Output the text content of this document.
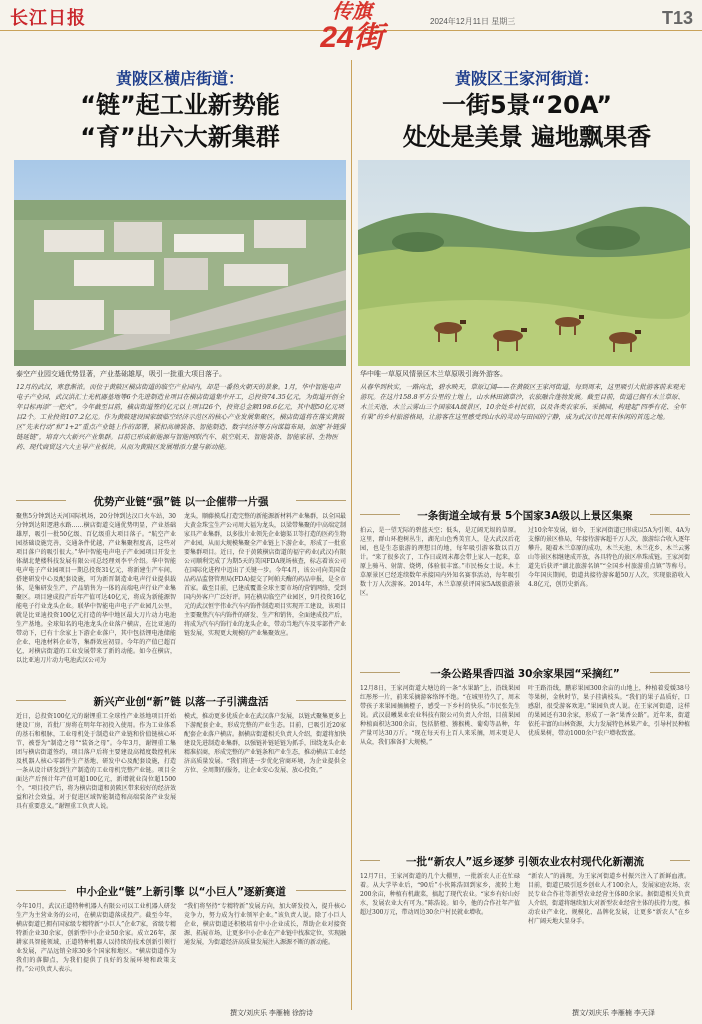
长江日报	2024年12月11日 星期三	T13
传旗
24街
黄陂区横店街道：
“链”起工业新势能
“育”出六大新集群
泰空产业园交通优势显著，产业基础雄厚，吸引一批重大项目落子。
12月的武汉，寒意渐浓。而位于黄陂区横店街道的临空产业园内，却是一番热火朝天的景象。1月，华中智能电声电子产业园，武汉洪汇士光机器基地等6个先进制造业项目在横店街道集中开工，总投资74.35亿元，为街道开创全年目标再添“一把火”。今年截至目前，横店街道签约亿元以上项目26个，投资总金额198.6亿元，其中超50亿元项目2个。工业投资107.2亿元。作为黄陂建设国家级临空经济示范区的核心产业发展集聚区，横店街道将在落实黄陂区“先来行动”和“1+2”重点产业链上作的部署，紧扣高端装备、智能制造、数字经济等方向谋篇布局，加速“补链强链延链”，培育六大新兴产业集群。目前已形成新能源与智能网联汽车、航空航天、智能装备、智能家居、生物医药、现代商贸这六大主导产业板块。从而为黄陂区发展增添力量与新动能。
优势产业链“强”链 以一企催带一片强
聚焦5分钟到达天河国际机场，20分钟到达汉口火车站，30分钟到达阳逻港水路……横店街道交通优势明显，产业基础雄厚，吸引一批50亿级、百亿级重大项目落子。“航空产业园基础设施完善，交通条件优越，产业集聚程度高，这些对项目落户的吸引很大。”华中智能电声电子产业园项目开发主体湖北楚楼科技发展有限公司总经理刘李平介绍。华中智能电声电子产业园项目一期总投资31亿元，将新建生产车间，搭建研发中心及配套设施，可为新晋制造业电声行业提供载体，是集研发生产、产品销售为一体的高端电声行业产业集聚区。项目建成投产后年产值可达40亿元，将成为新能源智能电子行业龙头企业。联华中智能电声电子产业园几公里，就是比亚迪投资100亿元打造的华中地区最大刀片动力电池生产基地。全球知名的电池龙头企业落户横店，在比亚迪的带动下，已有十余家上下游企业落户，其中包括锂电池储能企业、电池材料企业等，集群效应初显。今年的产值已超百亿，对横店街道的工业发展带来了新的动能。如今在横店，以比亚迪刀片动力电池武汉公司为
龙头，顺藤摸瓜打造完整的新能源新材料产业集群，以全国最大黄金珠宝生产公司周大福为龙头，以梁带集聚的中高端定制家具产业集群，以多肽片业领先企业德渠卫等打造的医药生物产业园，从而大规模集聚全产业链上下游企业，形成了一批重要集群项目。近日，位于黄陂横店街道的福宁药业(武汉)有限公司顺利完成了为期5天的美国FDA现场核查，标志着该公司在国际化进程中迈出了关键一步。今年4月，该公司向美国食品药品监督管理局(FDA)提交了阿帕夫酶的药品申报，是全市首家。截至目前，已建成覆盖全球主要市场的营销网络，受到国内外客户广泛好评。同在横店临空产业园区，9月投资16亿元的武汉恒宇伟业汽车内饰件制造项目实现开工建设，该项目主要聚焦汽车内饰件的研发、生产和销售，全面建成投产后，将成为汽车内饰行业的龙头企业，带动当地汽车及零部件产业链发展，实现更大规模的产业集聚效应。
新兴产业创“新”链 以落一子引满盘活
近日，总投资100亿元的谢锂重工全球性产业基地项目开始建设厂房，首批厂房将在明年年初投入使用。作为工业体系的基石和根脉，工业母机处于制造业产业链和价值链核心环节，被誉为“制造之母”“装备之母”。今年3月，谢锂重工集团与横店街道签约，项目落户后将主要建设高精度数控机床及机器人核心零部件生产基地、研发中心及配套设施，打造一条从设计研发到生产制造的工业母机完整产业链。项目全面达产后预计年产值可超100亿元，新增就业岗位超1500个。“项目投产后，将为横店街道和黄陂区带来较好的经济效益和社会效益，对于促进区域智能制造和高端装备产业发展具有重要意义。”谢锂重工负责人说。
模式，推动更多优质企业在武汉落户发展，以链式聚集更多上下游配套企业，形成完整的产业生态。目前，已吸引近20家配套企业落户横店。据横店街道相关负责人介绍，街道将加快建设先进制造业集群，以强链补链延链为抓手，围绕龙头企业精准招商，形成完整的产业链条和产业生态，推动横店工业经济高质量发展。“我们将进一步优化营商环境，为企业提供全方位、全周期的服务，让企业安心发展、放心投资。”
中小企业“链”上新引擎 以“小巨人”逐新赛道
今年10月，武汉正道特种机器人有限公司以工业机器人研发生产为主营业务的公司，在横店街道落成投产。截至今年，横店街道已拥有国家级专精特新“小巨人”企业7家，省级专精特新企业30余家，创新型中小企业50余家。成立26年，深耕家具智能领域，正道特种机器人以持续的技术创新引领行业发展，产品远销全球30多个国家和地区。“横店街道作为我们的落脚点，为我们提供了良好的发展环境和政策支持。”公司负责人表示。
“我们将坚持“专精特新”发展方向，加大研发投入，提升核心竞争力，努力成为行业领军企业。”该负责人说。除了小巨人企业，横店街道还积极培育中小企业成长，帮助企业对接资源、拓展市场，让更多中小企业在产业链中找准定位，实现融通发展，为街道经济高质量发展注入源源不断的新动能。
撰文/刘庆乐 李雁楠 徐韵诗
黄陂区王家河街道：
一街5景“20A”
处处是美景 遍地飘果香
华中唯一草原风情景区木兰草原吸引海外游客。
从春华到秋实，一路向北，碧水映天，草原辽阔——在黄陂区王家河街道，每到周末，这里吸引大批游客前来观光游玩。在这片158.8平方公里的土地上，山水林田湖草沙，农旅融合蓬勃发展。截至目前，街道已拥有木兰草原、木兰天池、木兰云雾山三个国家4A级景区，10余处乡村民宿，以及各类农家乐、采摘园，构建起“四季有花、全年有果”的乡村旅游格局，让游客在这里感受到山水的灵动与田园的宁静，成为武汉市民周末休闲的首选之地。
一条街道全域有景 5个国家3A级以上景区集聚
拍云，是一望无际的碧蓝天空；低头，是辽阔无垠的草原。这里，群山环抱树丛生，湖光山色秀美宜人，是大武汉后花园，也是生态旅游的理想目的地，每年吸引游客数以百万计。“来了很多次了，工作日或周末都会带上家人一起来，草原上骑马、射箭、烧烤，体验很丰富。”市民杨女士说。本土草原景区已经连续数年承接国内外知名赛事活动，每年吸引数十万人次游客。2014年，木兰草原获评国家5A级旅游景区。
过10余年发展，如今，王家河街道已形成以5A为引领、4A为支撑的景区格局，年接待游客超千万人次，旅游综合收入逐年攀升。随着木兰草原的成功，木兰天池、木兰花乡、木兰云雾山等景区相继建成开放，各具特色的景区串珠成链。王家河街道先后获评“湖北旅游名镇”“全国乡村旅游重点镇”等称号。今年国庆期间，街道共接待游客超50万人次，实现旅游收入4.8亿元，创历史新高。
一条公路果香四溢 30余家果园“采摘红”
12月8日，王家河街道大塘边的一条“水果路”上，沿线果园红彤彤一片，前来采摘游客络绎不绝。“在城里待久了，周末带孩子来果园摘摘橙子，感受一下乡村的快乐。”市民张先生说。武汉晨曦果业农业科技有限公司负责人介绍，目前果园种植面积达300余亩，包括脐橙、猕猴桃、葡萄等品种，年产量可达30万斤。“现在每天有上百人来采摘，周末更是人从众，我们准备扩大规模。”
叶王路沿线，鹏彩果园300余亩的山地上，种植着爱媛38号等果树，金秋时节，果子挂满枝头。“我们的果子品质好，口感甜，很受游客欢迎。”果园负责人说。在王家河街道，这样的果园还有30余家，形成了一条“果香公路”。近年来，街道依托丰富的山林资源，大力发展特色林果产业，引导村民种植优质果树，带动1000余户农户增收致富。
一批“新农人”返乡逐梦 引领农业农村现代化新潮流
12月7日，王家河街道的几个大棚里，一批新农人正在忙碌着。从大学毕业后，“90后”小伙陈浩回到家乡，流转土地200余亩，种植有机蔬菜，搞起了现代农业。“家乡有好山好水，发展农业大有可为。”陈浩说。如今，他的合作社年产值超过300万元，带动周边30余户村民就业增收。
“新农人”的涌现，为王家河街道乡村振兴注入了新鲜血液。目前，街道已吸引返乡创业人才100余人，发展家庭农场、农民专业合作社等新型农业经营主体80余家。据街道相关负责人介绍，街道将继续加大对新型农业经营主体的扶持力度，推动农业产业化、规模化、品牌化发展，让更多“新农人”在乡村广阔天地大显身手。
撰文/刘庆乐 李雁楠 李天泽
